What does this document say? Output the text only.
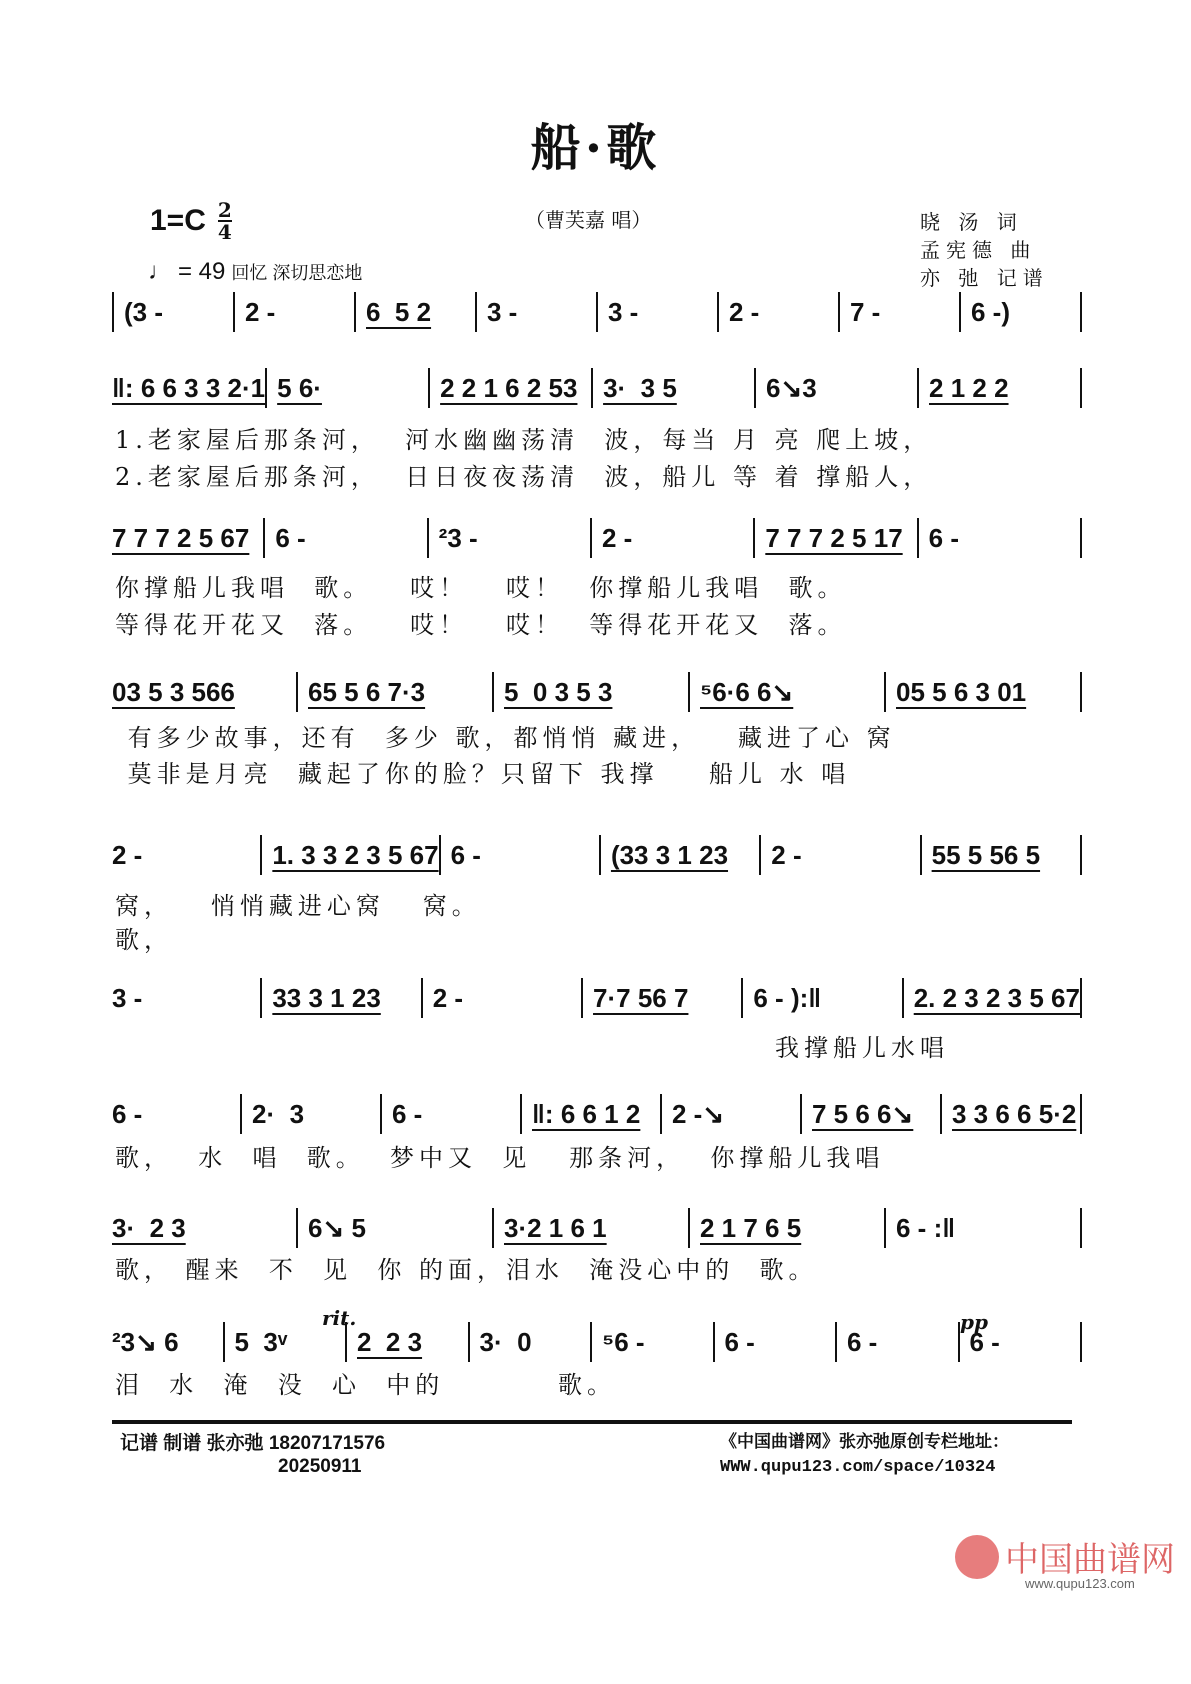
船·歌
$1=C \frac{2}{4}$
♩ = 49 回忆 深切思恋地
（曹芙嘉 唱）	晓 汤 词
孟宪德 曲
亦 弛 记谱
(3 -	2 -	6  5 2	3 -	3 -	2 -	7 -	6 -)
‖: 6 6 3 3 2·1 5 6·	2 2 1 6 2 53 3·  3 5	6↘3	2 1 2 2
1.老家屋后那条河，  河水幽幽荡清  波，每当 月 亮 爬上坡，
2.老家屋后那条河，  日日夜夜荡清  波，船儿 等 着 撑船人，
7 7 7 2 5 67 6 -	²3 -	2 -	7 7 7 2 5 17 6 -
你撑船儿我唱  歌。   哎！   哎！  你撑船儿我唱  歌。
等得花开花又  落。   哎！   哎！  等得花开花又  落。
03 5 3 566	65 5 6 7·3	5  0 3 5 3	⁵6·6 6↘	05 5 6 3 01
有多少故事，还有  多少 歌，都悄悄 藏进，   藏进了心 窝
莫非是月亮  藏起了你的脸？只留下 我撑    船儿 水 唱
2 -	1. 3 3 2 3 5 67 6 -	(33 3 1 23	2 -	55 5 56 5
窝，   悄悄藏进心窝   窝。
歌，
3 -	33 3 1 23	2 -	7·7 56 7	6 - ):‖	2. 2 3 2 3 5 67
我撑船儿水唱
6 -	2·  3	6 -	‖: 6 6 1 2	2 -↘	7 5 6 6↘	3 3 6 6 5·2
歌，  水  唱  歌。  梦中又  见   那条河，  你撑船儿我唱
3·  2 3	6↘ 5	3·2 1 6 1	2 1 7 6 5	6 - :‖
歌， 醒来  不  见  你 的面，泪水  淹没心中的  歌。
²3↘ 6	5  3ᵛ	2  2 3	3·  0	⁵6 -	6 -	6 -	6 -
泪  水  淹  没  心  中的         歌。
rit.	pp
记谱 制谱 张亦弛 18207171576
20250911
《中国曲谱网》张亦弛原创专栏地址：
WWW.qupu123.com/space/10324
中国曲谱网
www.qupu123.com
